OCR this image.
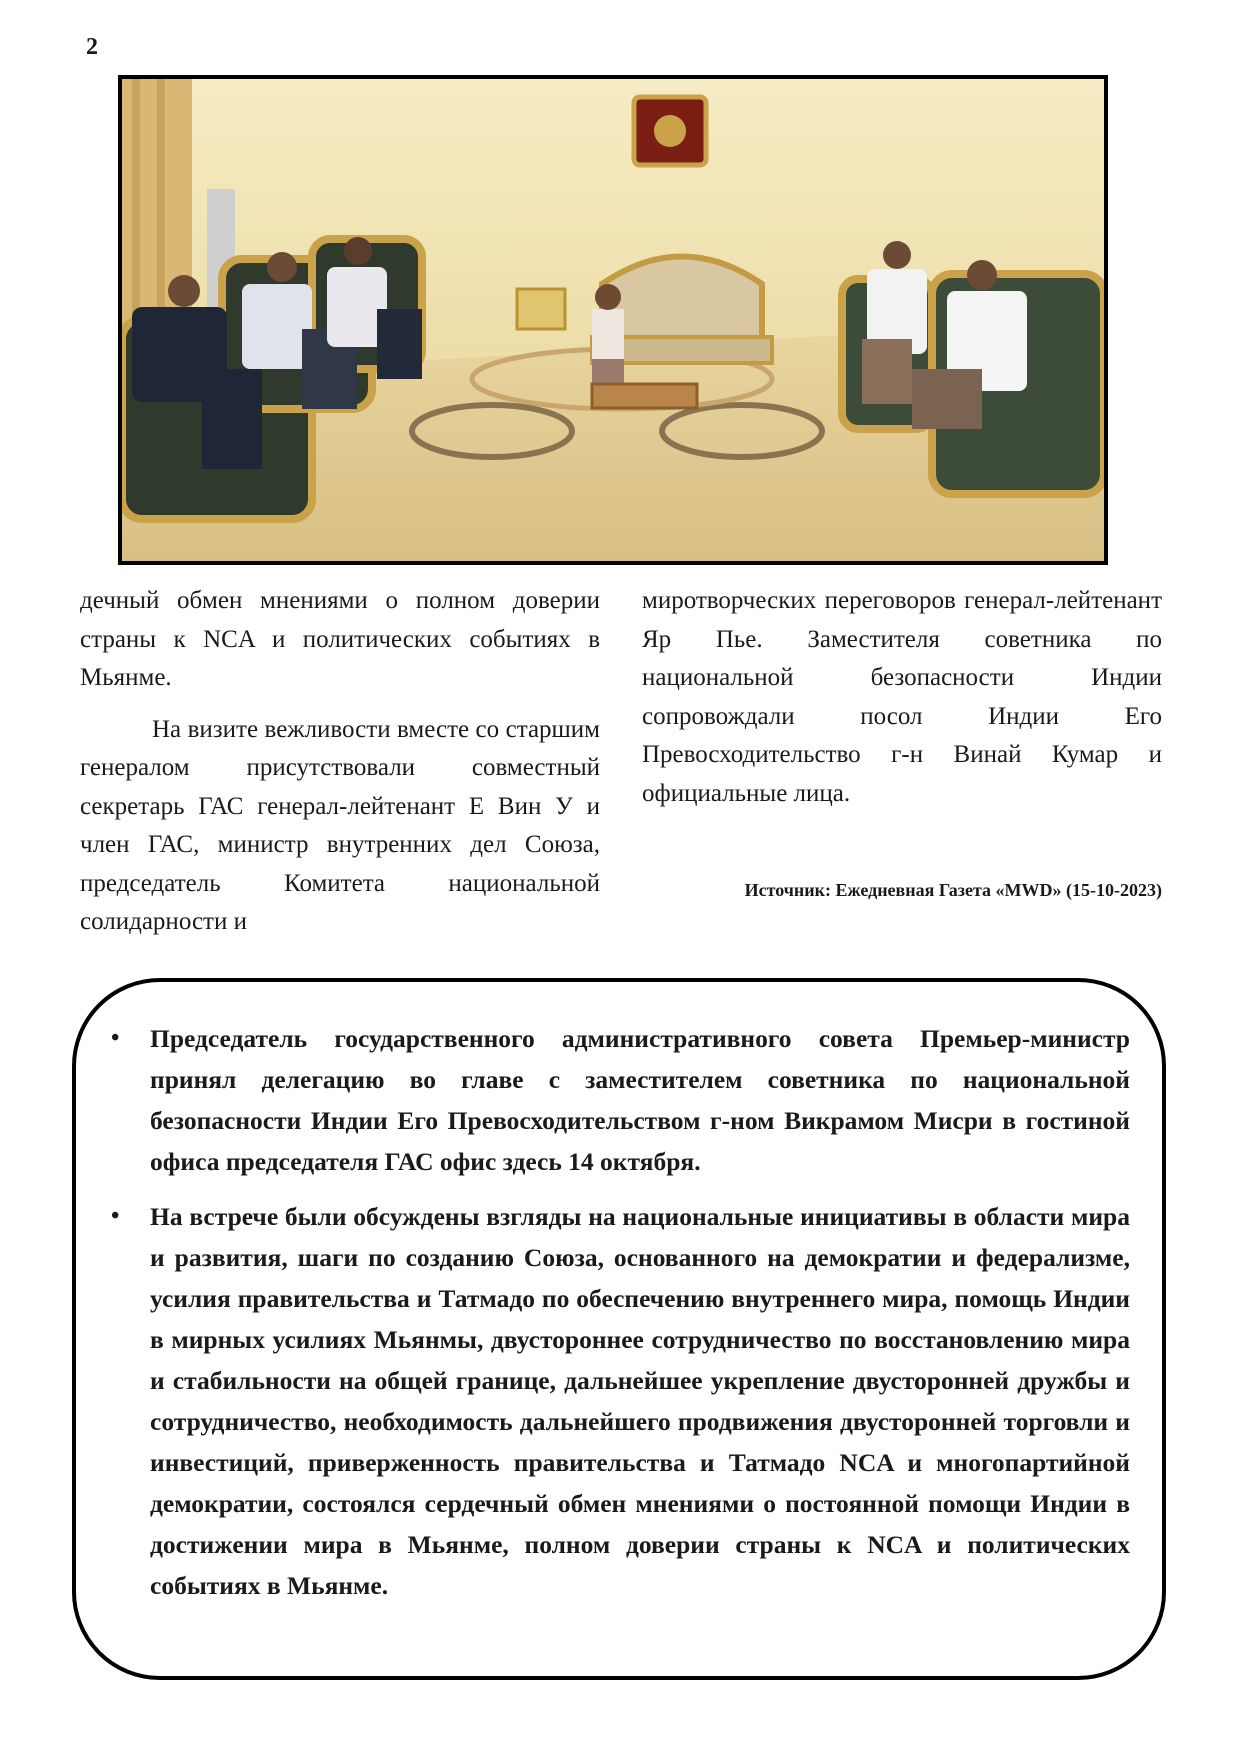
2

дечный обмен мнениями о полном доверии страны к NCA и политических событиях в Мьянме.

На визите вежливости вместе со старшим генералом присутствовали совместный секретарь ГАС генерал-лейтенант Е Вин У и член ГАС, министр внутренних дел Союза, председатель Комитета национальной солидарности и

миротворческих переговоров генерал-лейтенант Яр Пье. Заместителя советника по национальной безопасности Индии сопровождали посол Индии Его Превосходительство г-н Винай Кумар и официальные лица.

Источник: Ежедневная Газета «MWD» (15-10-2023)
• Председатель государственного административного совета Премьер-министр принял делегацию во главе с заместителем советника по национальной безопасности Индии Его Превосходительством г-ном Викрамом Мисри в гостиной офиса председателя ГАС офис здесь 14 октября.
• На встрече были обсуждены взгляды на национальные инициативы в области мира и развития, шаги по созданию Союза, основанного на демократии и федерализме, усилия правительства и Татмадо по обеспечению внутреннего мира, помощь Индии в мирных усилиях Мьянмы, двустороннее сотрудничество по восстановлению мира и стабильности на общей границе, дальнейшее укрепление двусторонней дружбы и сотрудничество, необходимость дальнейшего продвижения двусторонней торговли и инвестиций, приверженность правительства и Татмадо NCA и многопартийной демократии, состоялся сердечный обмен мнениями о постоянной помощи Индии в достижении мира в Мьянме, полном доверии страны к NCA и политических событиях в Мьянме.
